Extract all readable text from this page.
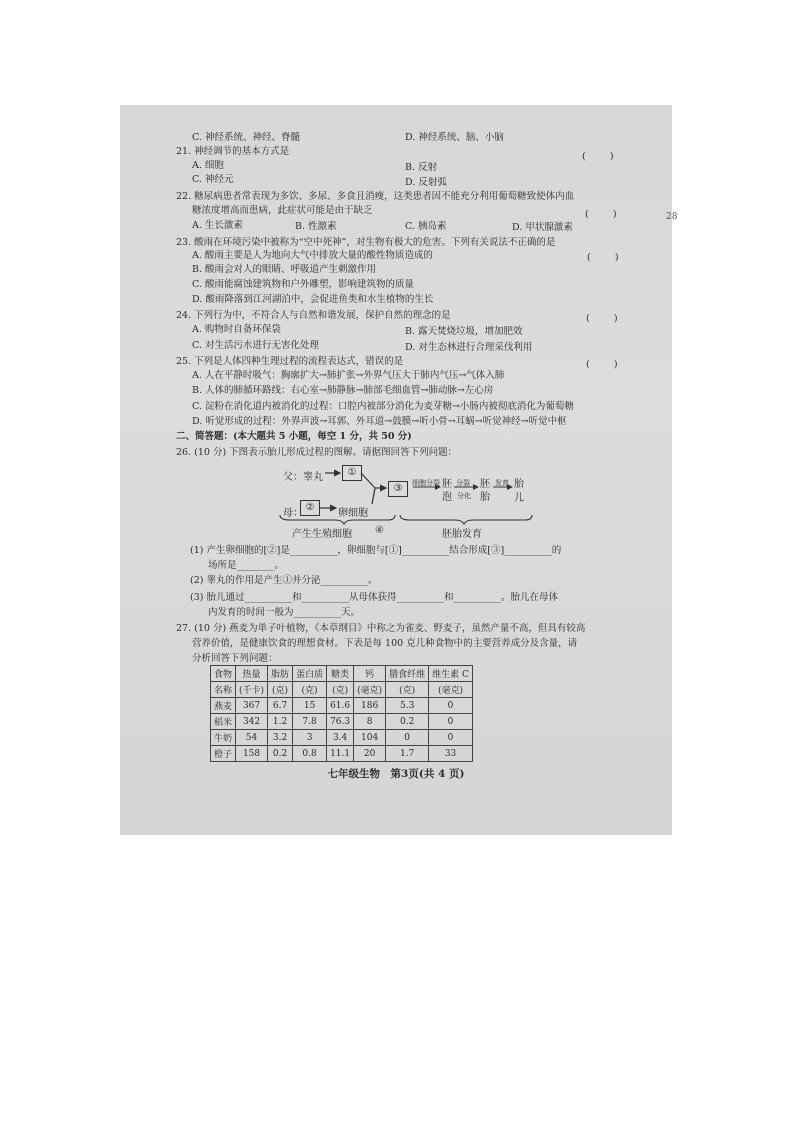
C. 神经系统、神经、脊髓	D. 神经系统、脑、小脑
21. 神经调节的基本方式是	(        )
A. 细胞	B. 反射
C. 神经元	D. 反射弧
22. 糖尿病患者常表现为多饮、多尿、多食且消瘦，这类患者因不能充分利用葡萄糖致使体内血
糖浓度增高而患病，此症状可能是由于缺乏	(        )	28
A. 生长激素	B. 性激素	C. 胰岛素	D. 甲状腺激素
23. 酸雨在环境污染中被称为“空中死神”，对生物有极大的危害。下列有关说法不正确的是
(        )
A. 酸雨主要是人为地向大气中排放大量的酸性物质造成的
B. 酸雨会对人的眼睛、呼吸道产生刺激作用
C. 酸雨能腐蚀建筑物和户外雕塑，影响建筑物的质量
D. 酸雨降落到江河湖泊中，会促进鱼类和水生植物的生长
24. 下列行为中，不符合人与自然和谐发展，保护自然的理念的是	(        )
A. 购物时自备环保袋	B. 露天焚烧垃圾，增加肥效
C. 对生活污水进行无害化处理	D. 对生态林进行合理采伐利用
25. 下列是人体四种生理过程的流程表达式，错误的是	(        )
A. 人在平静时吸气：胸廓扩大→肺扩张→外界气压大于肺内气压→气体入肺
B. 人体的肺循环路线：右心室→肺静脉→肺部毛细血管→肺动脉→左心房
C. 淀粉在消化道内被消化的过程：口腔内被部分消化为麦芽糖→小肠内被彻底消化为葡萄糖
D. 听觉形成的过程：外界声波→耳郭、外耳道→鼓膜→听小骨→耳蜗→听觉神经→听觉中枢
二、简答题：(本大题共 5 小题，每空 1 分，共 50 分)
26. (10 分) 下图表示胎儿形成过程的图解。请据图回答下列问题：
父：睾丸	①
母：
②
卵细胞
③	细胞分裂 胚 分裂 胚 发育 胎
泡 分化 胎 儿
产生生殖细胞 ④	胚胎发育
(1) 产生卵细胞的[②]是__________，卵细胞与[①]__________结合形成[③]__________的
场所是________。
(2) 睾丸的作用是产生①并分泌__________。
(3) 胎儿通过__________和__________从母体获得__________和__________。胎儿在母体
内发育的时间一般为__________天。
27. (10 分) 燕麦为单子叶植物，《本草纲目》中称之为雀麦、野麦子，虽然产量不高，但具有较高
营养价值，是健康饮食的理想食材。下表是每 100 克几种食物中的主要营养成分及含量，请
分析回答下列问题：
食物	热量	脂肪	蛋白质	糖类	钙	膳食纤维	维生素 C
名称	(千卡)	(克)	(克)	(克)	(毫克)	(克)	(毫克)
燕麦	367	6.7	15	61.6	186	5.3	0
稻米	342	1.2	7.8	76.3	8	0.2	0
牛奶	54	3.2	3	3.4	104	0	0
橙子	158	0.2	0.8	11.1	20	1.7	33
七年级生物　第3页(共 4 页)
